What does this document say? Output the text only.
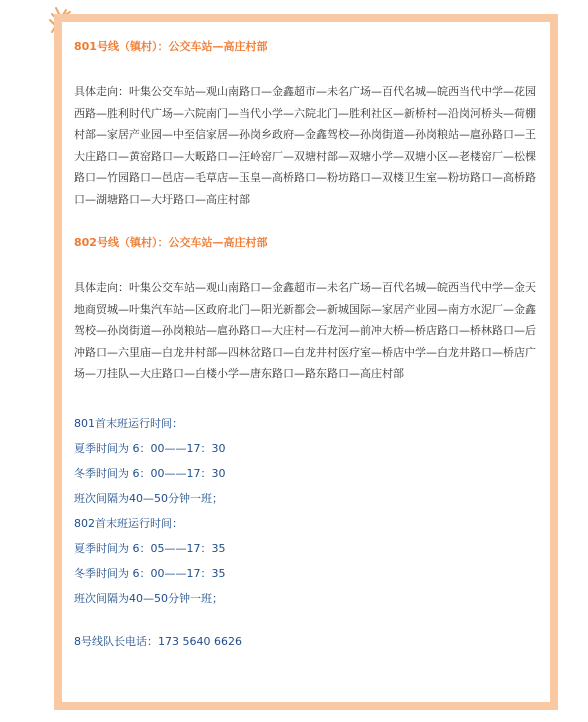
801号线（镇村）：公交车站—高庄村部

具体走向：叶集公交车站—观山南路口—金鑫超市—未名广场—百代名城—皖西当代中学—花园西路—胜利时代广场—六院南门—当代小学—六院北门—胜利社区—新桥村—沿岗河桥头—荷棚村部—家居产业园—中至信家居—孙岗乡政府—金鑫驾校—孙岗街道—孙岗粮站—扈孙路口—王大庄路口—黄窑路口—大畈路口—汪岭窑厂—双塘村部—双塘小学—双塘小区—老楼窑厂—松棵路口—竹园路口—邑店—毛草店—玉皇—高桥路口—粉坊路口—双楼卫生室—粉坊路口—高桥路口—湖塘路口—大圩路口—高庄村部

802号线（镇村）：公交车站—高庄村部

具体走向：叶集公交车站—观山南路口—金鑫超市—未名广场—百代名城—皖西当代中学—金天地商贸城—叶集汽车站—区政府北门—阳光新都会—新城国际—家居产业园—南方水泥厂—金鑫驾校—孙岗街道—孙岗粮站—扈孙路口—大庄村—石龙河—前冲大桥—桥店路口—桥林路口—后冲路口—六里庙—白龙井村部—四林岔路口—白龙井村医疗室—桥店中学—白龙井路口—桥店广场—刀挂队—大庄路口—白楼小学—唐东路口—路东路口—高庄村部

801首末班运行时间：

夏季时间为 6：00——17：30

冬季时间为 6：00——17：30

班次间隔为40—50分钟一班；

802首末班运行时间：

夏季时间为 6：05——17：35

冬季时间为 6：00——17：35

班次间隔为40—50分钟一班；

8号线队长电话：173 5640 6626
